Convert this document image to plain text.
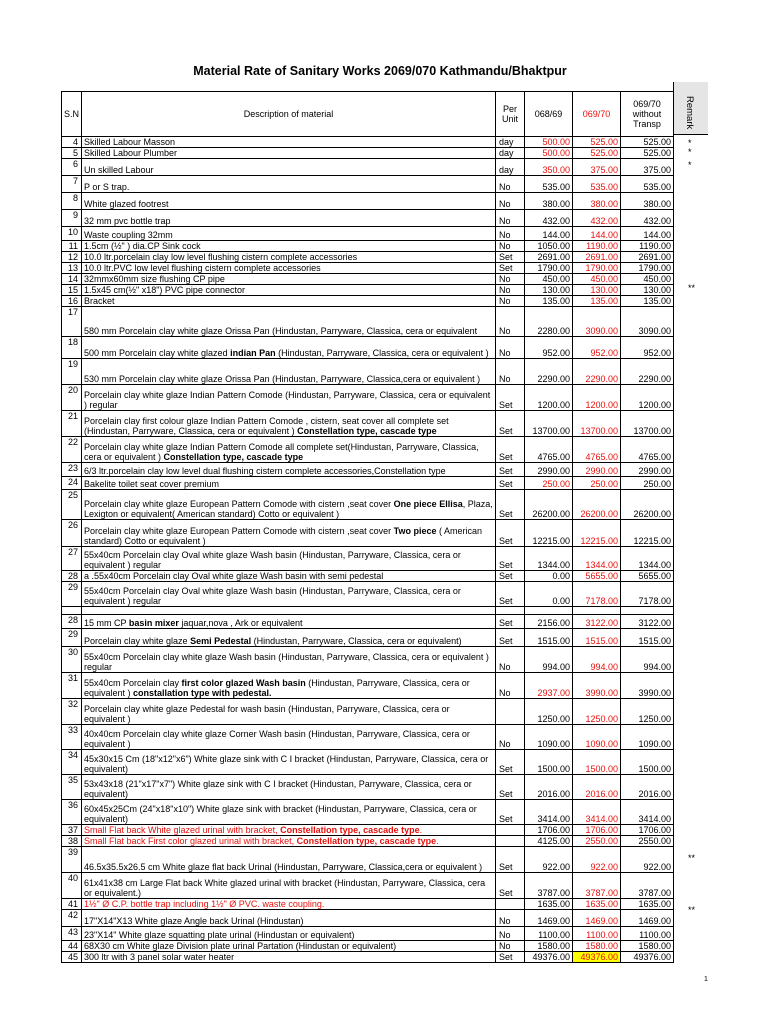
Material Rate of Sanitary Works 2069/070 Kathmandu/Bhaktpur
Remark
*
*
*
**
**
**
S.N	Description of material	Per Unit	068/69	069/70	069/70 without Transp
4	Skilled Labour Masson	day	500.00	525.00	525.00
5	Skilled Labour Plumber	day	500.00	525.00	525.00
6	Un skilled Labour	day	350.00	375.00	375.00
7	P or S trap.	No	535.00	535.00	535.00
8	White glazed footrest	No	380.00	380.00	380.00
9	32 mm pvc bottle trap	No	432.00	432.00	432.00
10	Waste coupling 32mm	No	144.00	144.00	144.00
11	1.5cm (½" ) dia.CP Sink cock	No	1050.00	1190.00	1190.00
12	10.0 ltr.porcelain clay low level flushing cistern complete accessories	Set	2691.00	2691.00	2691.00
13	10.0 ltr.PVC low level flushing cistern complete accessories	Set	1790.00	1790.00	1790.00
14	32mmx60mm size flushing CP pipe	No	450.00	450.00	450.00
15	1.5x45 cm(½" x18") PVC pipe connector	No	130.00	130.00	130.00
16	Bracket	No	135.00	135.00	135.00
17	580 mm Porcelain clay white glaze Orissa Pan (Hindustan, Parryware, Classica, cera or equivalent	No	2280.00	3090.00	3090.00
18	500 mm Porcelain clay white glazed indian Pan (Hindustan, Parryware, Classica, cera or equivalent )	No	952.00	952.00	952.00
19	530 mm Porcelain clay white glaze Orissa Pan (Hindustan, Parryware, Classica,cera or equivalent )	No	2290.00	2290.00	2290.00
20	Porcelain clay white glaze Indian Pattern Comode (Hindustan, Parryware, Classica, cera or equivalent ) regular	Set	1200.00	1200.00	1200.00
21	Porcelain clay first colour glaze Indian Pattern Comode , cistern, seat cover all complete set (Hindustan, Parryware, Classica, cera or equivalent ) Constellation type, cascade type	Set	13700.00	13700.00	13700.00
22	Porcelain clay white glaze Indian Pattern Comode all complete set(Hindustan, Parryware, Classica, cera or equivalent ) Constellation type, cascade type	Set	4765.00	4765.00	4765.00
23	6/3 ltr.porcelain clay low level dual flushing cistern complete accessories,Constellation type	Set	2990.00	2990.00	2990.00
24	Bakelite toilet seat cover premium	Set	250.00	250.00	250.00
25	Porcelain clay white glaze European Pattern Comode with cistern ,seat cover One piece Ellisa, Plaza, Lexigton or equivalent( American standard) Cotto or equivalent )	Set	26200.00	26200.00	26200.00
26	Porcelain clay white glaze European Pattern Comode with cistern ,seat cover Two piece ( American standard) Cotto or equivalent )	Set	12215.00	12215.00	12215.00
27	55x40cm Porcelain clay Oval white glaze Wash basin (Hindustan, Parryware, Classica, cera or equivalent ) regular	Set	1344.00	1344.00	1344.00
28	a .55x40cm Porcelain clay Oval white glaze Wash basin with semi pedestal	Set	0.00	5655.00	5655.00
29	55x40cm Porcelain clay Oval white glaze Wash basin (Hindustan, Parryware, Classica, cera or equivalent ) regular	Set	0.00	7178.00	7178.00

28	15 mm CP basin mixer jaquar,nova , Ark or equivalent	Set	2156.00	3122.00	3122.00
29	Porcelain clay white glaze Semi Pedestal (Hindustan, Parryware, Classica, cera or equivalent)	Set	1515.00	1515.00	1515.00
30	55x40cm Porcelain clay white glaze Wash basin (Hindustan, Parryware, Classica, cera or equivalent ) regular	No	994.00	994.00	994.00
31	55x40cm Porcelain clay first color glazed Wash basin (Hindustan, Parryware, Classica, cera or equivalent ) constallation type with pedestal.	No	2937.00	3990.00	3990.00
32	Porcelain clay white glaze Pedestal for wash basin (Hindustan, Parryware, Classica, cera or equivalent )		1250.00	1250.00	1250.00
33	40x40cm Porcelain clay white glaze Corner Wash basin (Hindustan, Parryware, Classica, cera or equivalent )	No	1090.00	1090.00	1090.00
34	45x30x15 Cm (18"x12"x6") White glaze sink with C I bracket (Hindustan, Parryware, Classica, cera or equivalent)	Set	1500.00	1500.00	1500.00
35	53x43x18 (21"x17"x7") White glaze sink with C I bracket (Hindustan, Parryware, Classica, cera or equivalent)	Set	2016.00	2016.00	2016.00
36	60x45x25Cm (24"x18"x10") White glaze sink with bracket (Hindustan, Parryware, Classica, cera or equivalent)	Set	3414.00	3414.00	3414.00
37	Small Flat back White glazed urinal with bracket, Constellation type, cascade type.		1706.00	1706.00	1706.00
38	Small Flat back First color glazed urinal with bracket, Constellation type, cascade type.		4125.00	2550.00	2550.00
39	46.5x35.5x26.5 cm White glaze flat back Urinal (Hindustan, Parryware, Classica,cera or equivalent )	Set	922.00	922.00	922.00
40	61x41x38 cm Large Flat back White glazed urinal with bracket (Hindustan, Parryware, Classica, cera or equivalent.)	Set	3787.00	3787.00	3787.00
41	1½" Ø C.P. bottle trap including 1½" Ø PVC. waste coupling.		1635.00	1635.00	1635.00
42	17"X14"X13 White glaze Angle back Urinal (Hindustan)	No	1469.00	1469.00	1469.00
43	23"X14" White glaze squatting plate urinal (Hindustan or equivalent)	No	1100.00	1100.00	1100.00
44	68X30 cm White glaze Division plate urinal Partation (Hindustan or equivalent)	No	1580.00	1580.00	1580.00
45	300 ltr with 3 panel solar water heater	Set	49376.00	49376.00	49376.00
1
